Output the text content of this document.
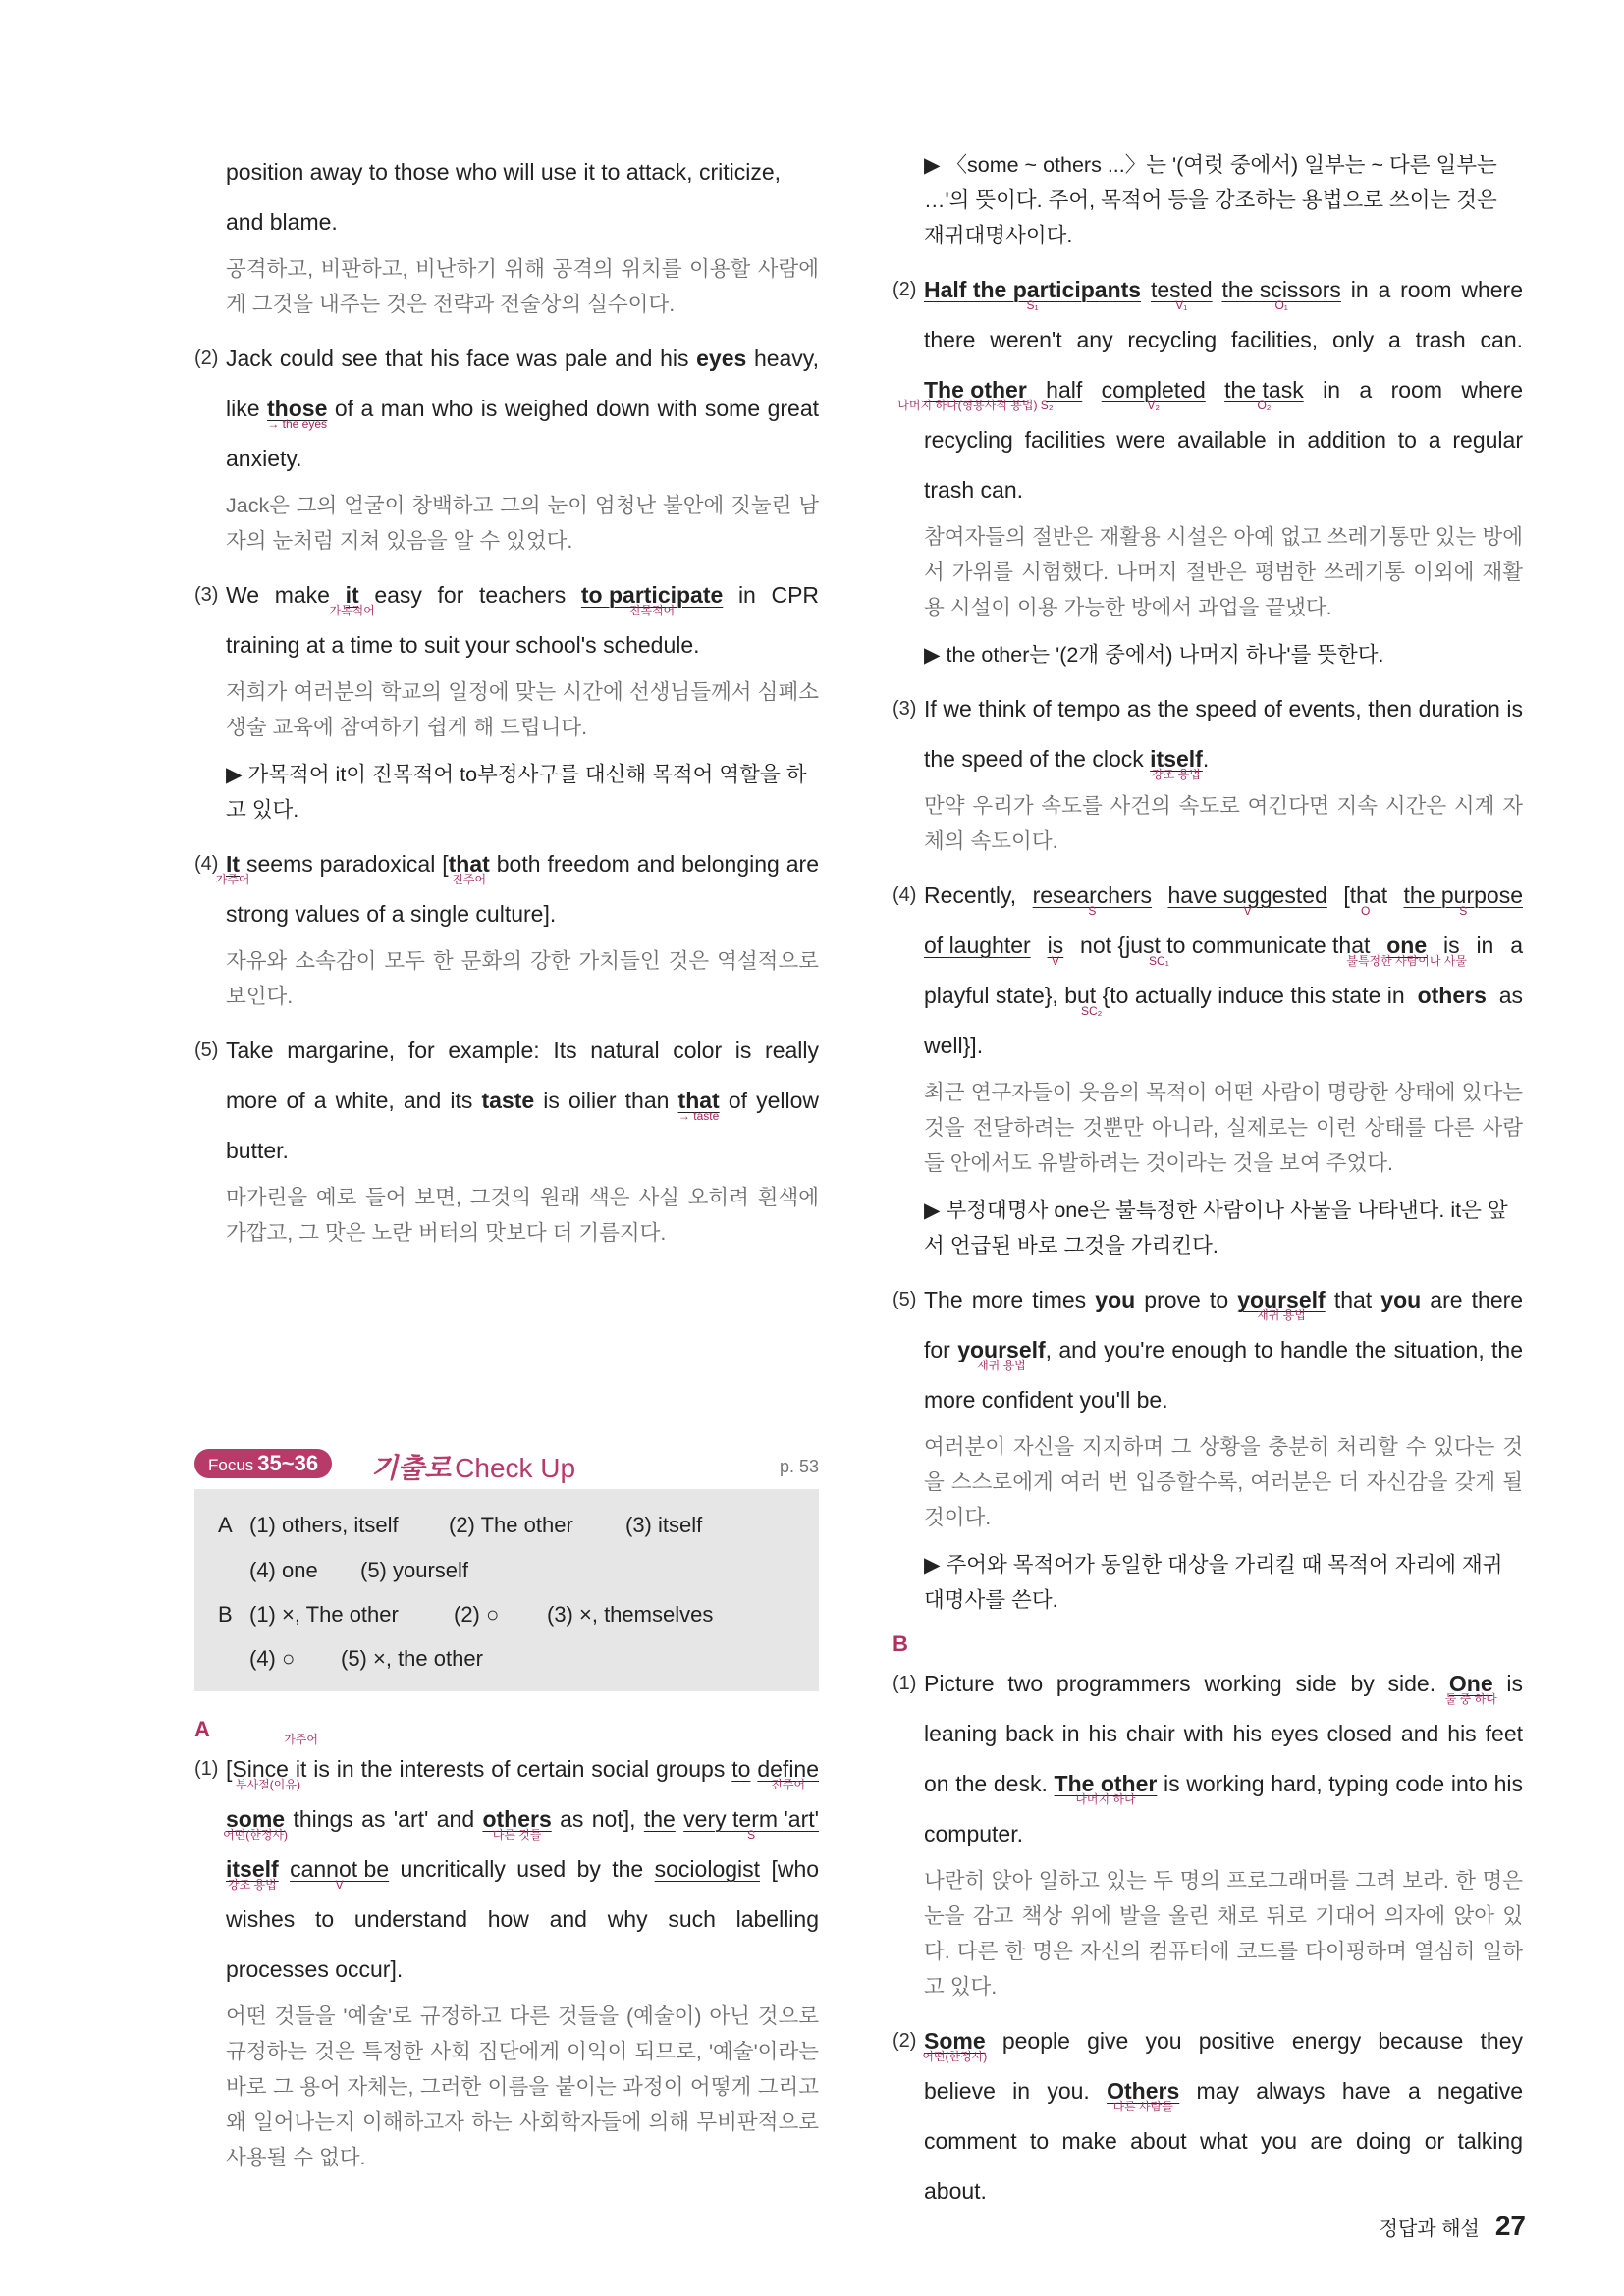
position away to those who will use it to attack, criticize,
and blame.
공격하고, 비판하고, 비난하기 위해 공격의 위치를 이용할 사람에게 그것을 내주는 것은 전략과 전술상의 실수이다.
(2) Jack could see that his face was pale and his eyes heavy, like those
→ the eyes
of a man who is weighed down with some great anxiety.
Jack은 그의 얼굴이 창백하고 그의 눈이 엄청난 불안에 짓눌린 남자의 눈처럼 지쳐 있음을 알 수 있었다.
(3) We make it
가목적어
easy for teachers to participate
진목적어
in CPR training at a time to suit your school's schedule.
저희가 여러분의 학교의 일정에 맞는 시간에 선생님들께서 심폐소생술 교육에 참여하기 쉽게 해 드립니다.
▶ 가목적어 it이 진목적어 to부정사구를 대신해 목적어 역할을 하고 있다.
(4) It
가주어
seems paradoxical [that
진주어
both freedom and belonging are strong values of a single culture].
자유와 소속감이 모두 한 문화의 강한 가치들인 것은 역설적으로 보인다.
(5) Take margarine, for example: Its natural color is really more of a white, and its taste is oilier than that
→ taste
of yellow butter.
마가린을 예로 들어 보면, 그것의 원래 색은 사실 오히려 흰색에 가깝고, 그 맛은 노란 버터의 맛보다 더 기름지다.
Focus 35~36	기출로 Check Up	p. 53
A (1) others, itself (2) The other (3) itself
(4) one (5) yourself
B (1) ×, The other	(2) ○ (3) ×, themselves
(4) ○ (5) ×, the other
A
(1) [Since
부사절(이유)
it
가주어
is in the interests of certain social groups to define
진주어
some
어떤(한정사)
things as 'art' and others
다른 것들
as not], the very term 'art'
S
itself
강조 용법
cannot be
V
uncritically used by the sociologist [who wishes to understand how and why such labelling processes occur].
어떤 것들을 '예술'로 규정하고 다른 것들을 (예술이) 아닌 것으로 규정하는 것은 특정한 사회 집단에게 이익이 되므로, '예술'이라는 바로 그 용어 자체는, 그러한 이름을 붙이는 과정이 어떻게 그리고 왜 일어나는지 이해하고자 하는 사회학자들에 의해 무비판적으로 사용될 수 없다.
▶ 〈some ~ others ...〉는 '(여럿 중에서) 일부는 ~ 다른 일부는 …'의 뜻이다. 주어, 목적어 등을 강조하는 용법으로 쓰이는 것은 재귀대명사이다.
(2) Half the participants
S₁
tested
V₁
the scissors
O₁
in a room where there weren't any recycling facilities, only a trash can. The other
나머지 하나(형용사적 용법) S₂
half completed
V₂
the task
O₂
in a room where recycling facilities were available in addition to a regular trash can.
참여자들의 절반은 재활용 시설은 아예 없고 쓰레기통만 있는 방에서 가위를 시험했다. 나머지 절반은 평범한 쓰레기통 이외에 재활용 시설이 이용 가능한 방에서 과업을 끝냈다.
▶ the other는 '(2개 중에서) 나머지 하나'를 뜻한다.
(3) If we think of tempo as the speed of events, then duration is the speed of the clock itself
강조 용법
.
만약 우리가 속도를 사건의 속도로 여긴다면 지속 시간은 시계 자체의 속도이다.
(4) Recently, researchers
S
have suggested
V
[that
O
the purpose
S
of laughter is
V
not {just to communicate that
SC₁
one
불특정한 사람이나 사물
is in a playful state}, but {to actually induce this state in
SC₂
others as well}].
최근 연구자들이 웃음의 목적이 어떤 사람이 명랑한 상태에 있다는 것을 전달하려는 것뿐만 아니라, 실제로는 이런 상태를 다른 사람들 안에서도 유발하려는 것이라는 것을 보여 주었다.
▶ 부정대명사 one은 불특정한 사람이나 사물을 나타낸다. it은 앞서 언급된 바로 그것을 가리킨다.
(5) The more times you prove to yourself
재귀 용법
that you are there for yourself
재귀 용법
, and you're enough to handle the situation, the more confident you'll be.
여러분이 자신을 지지하며 그 상황을 충분히 처리할 수 있다는 것을 스스로에게 여러 번 입증할수록, 여러분은 더 자신감을 갖게 될 것이다.
▶ 주어와 목적어가 동일한 대상을 가리킬 때 목적어 자리에 재귀대명사를 쓴다.
B
(1) Picture two programmers working side by side. One
둘 중 하나
is leaning back in his chair with his eyes closed and his feet on the desk. The other
나머지 하나
is working hard, typing code into his computer.
나란히 앉아 일하고 있는 두 명의 프로그래머를 그려 보라. 한 명은 눈을 감고 책상 위에 발을 올린 채로 뒤로 기대어 의자에 앉아 있다. 다른 한 명은 자신의 컴퓨터에 코드를 타이핑하며 열심히 일하고 있다.
(2) Some
어떤(한정사)
people give you positive energy because they believe in you. Others
다른 사람들
may always have a negative comment to make about what you are doing or talking about.
정답과 해설 27
